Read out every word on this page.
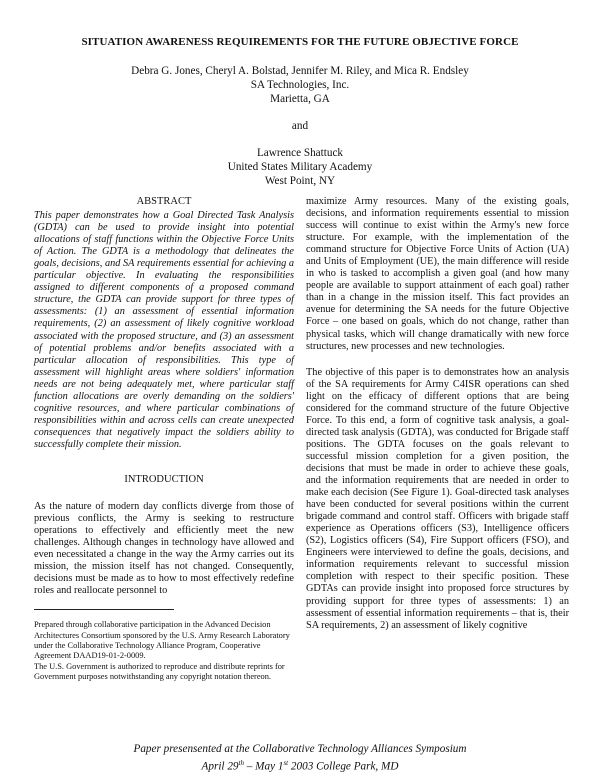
SITUATION AWARENESS REQUIREMENTS FOR THE FUTURE OBJECTIVE FORCE
Debra G. Jones, Cheryl A. Bolstad, Jennifer M. Riley, and Mica R. Endsley
SA Technologies, Inc.
Marietta, GA
and
Lawrence Shattuck
United States Military Academy
West Point, NY
ABSTRACT

This paper demonstrates how a Goal Directed Task Analysis (GDTA) can be used to provide insight into potential allocations of staff functions within the Objective Force Units of Action. The GDTA is a methodology that delineates the goals, decisions, and SA requirements essential for achieving a particular objective. In evaluating the responsibilities assigned to different components of a proposed command structure, the GDTA can provide support for three types of assessments: (1) an assessment of essential information requirements, (2) an assessment of likely cognitive workload associated with the proposed structure, and (3) an assessment of potential problems and/or benefits associated with a particular allocation of responsibilities. This type of assessment will highlight areas where soldiers' information needs are not being adequately met, where particular staff function allocations are overly demanding on the soldiers' cognitive resources, and where particular combinations of responsibilities within and across cells can create unexpected consequences that negatively impact the soldiers ability to successfully complete their mission.

INTRODUCTION

As the nature of modern day conflicts diverge from those of previous conflicts, the Army is seeking to restructure operations to effectively and efficiently meet the new challenges. Although changes in technology have allowed and even necessitated a change in the way the Army carries out its mission, the mission itself has not changed. Consequently, decisions must be made as to how to most effectively redefine roles and reallocate personnel to

Prepared through collaborative participation in the Advanced Decision Architectures Consortium sponsored by the U.S. Army Research Laboratory under the Collaborative Technology Alliance Program, Cooperative Agreement DAAD19-01-2-0009.

The U.S. Government is authorized to reproduce and distribute reprints for Government purposes notwithstanding any copyright notation thereon.

maximize Army resources. Many of the existing goals, decisions, and information requirements essential to mission success will continue to exist within the Army's new force structure. For example, with the implementation of the command structure for Objective Force Units of Action (UA) and Units of Employment (UE), the main difference will reside in who is tasked to accomplish a given goal (and how many people are available to support attainment of each goal) rather than in a change in the mission itself. This fact provides an avenue for determining the SA needs for the future Objective Force – one based on goals, which do not change, rather than physical tasks, which will change dramatically with new force structures, new processes and new technologies.

The objective of this paper is to demonstrates how an analysis of the SA requirements for Army C4ISR operations can shed light on the efficacy of different options that are being considered for the command structure of the future Objective Force. To this end, a form of cognitive task analysis, a goal-directed task analysis (GDTA), was conducted for Brigade staff positions. The GDTA focuses on the goals relevant to successful mission completion for a given position, the decisions that must be made in order to achieve these goals, and the information requirements that are needed in order to make each decision (See Figure 1). Goal-directed task analyses have been conducted for several positions within the current brigade command and control staff. Officers with brigade staff experience as Operations officers (S3), Intelligence officers (S2), Logistics officers (S4), Fire Support officers (FSO), and Engineers were interviewed to define the goals, decisions, and information requirements relevant to successful mission completion with respect to their specific position. These GDTAs can provide insight into proposed force structures by providing support for three types of assessments: 1) an assessment of essential information requirements – that is, their SA requirements, 2) an assessment of likely cognitive

Paper presensented at the Collaborative Technology Alliances Symposium
April 29th – May 1st 2003 College Park, MD
